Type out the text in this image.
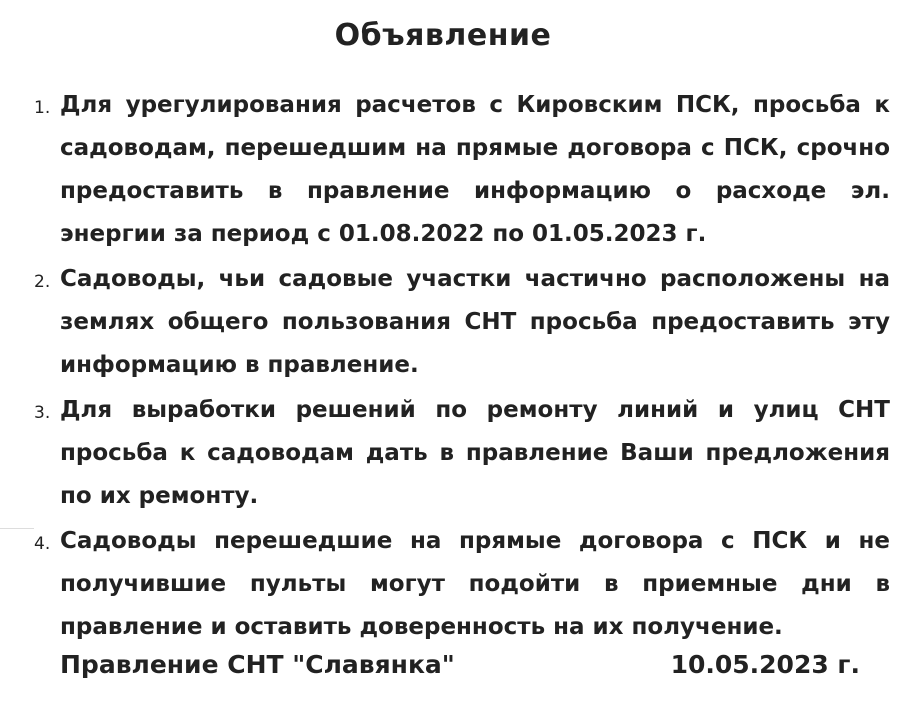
Объявление
1. Для урегулирования расчетов с Кировским ПСК, просьба к садоводам, перешедшим на прямые договора с ПСК, срочно предоставить в правление информацию о расходе эл. энергии за период с 01.08.2022 по 01.05.2023 г.
2. Садоводы, чьи садовые участки частично расположены на землях общего пользования СНТ просьба предоставить эту информацию в правление.
3. Для выработки решений по ремонту линий и улиц СНТ просьба к садоводам дать в правление Ваши предложения по их ремонту.
4. Садоводы перешедшие на прямые договора с ПСК и не получившие пульты могут подойти в приемные дни в правление и оставить доверенность на их получение.
Правление СНТ "Славянка"	10.05.2023 г.
